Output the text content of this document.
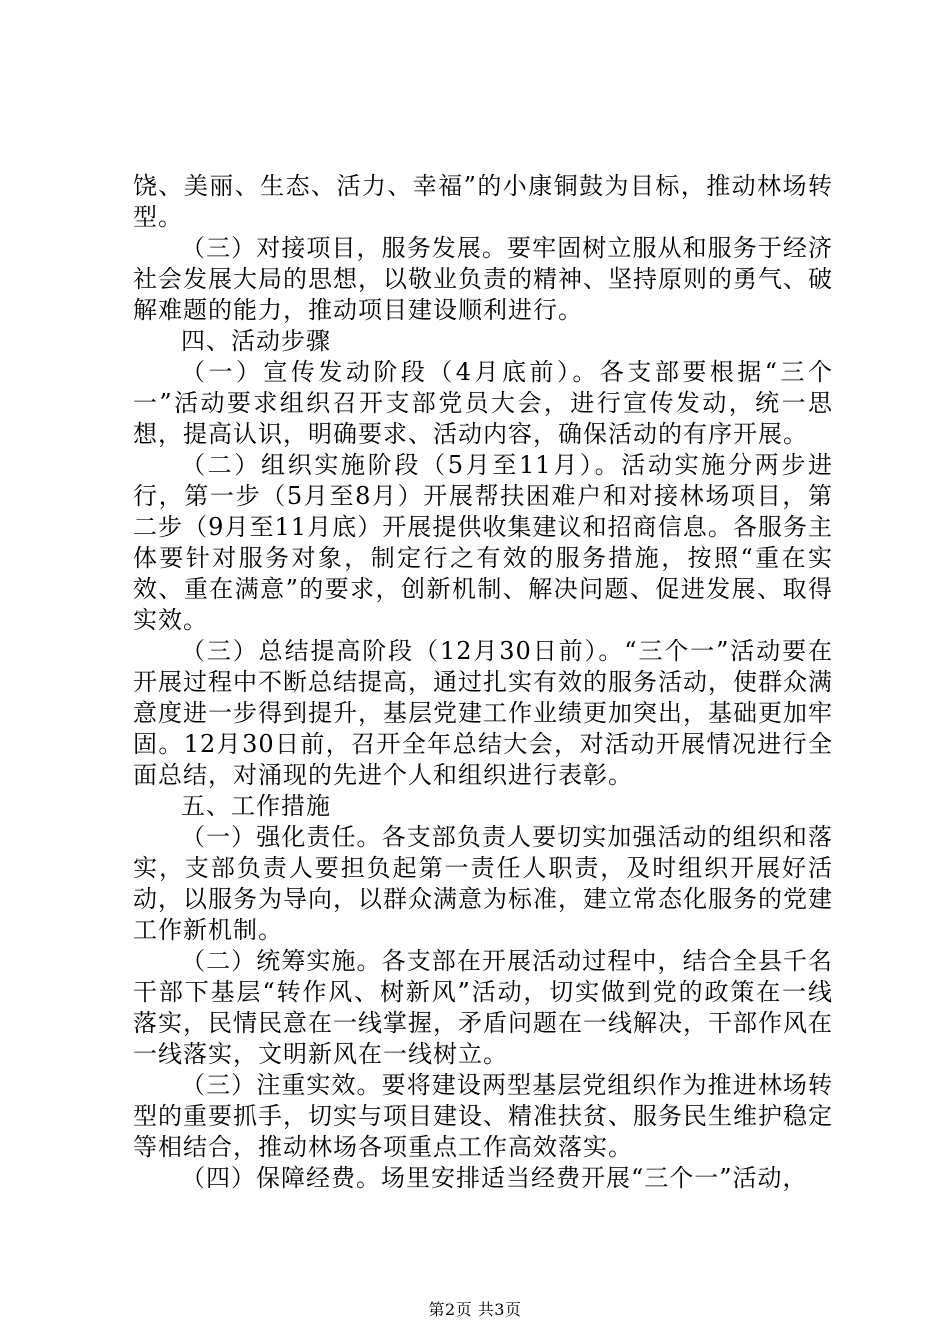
饶、美丽、生态、活力、幸福”的小康铜鼓为目标，推动林场转型。

（三）对接项目，服务发展。要牢固树立服从和服务于经济社会发展大局的思想，以敬业负责的精神、坚持原则的勇气、破解难题的能力，推动项目建设顺利进行。

四、活动步骤

（一）宣传发动阶段（4月底前）。各支部要根据“三个一”活动要求组织召开支部党员大会，进行宣传发动，统一思想，提高认识，明确要求、活动内容，确保活动的有序开展。

（二）组织实施阶段（5月至11月）。活动实施分两步进行，第一步（5月至8月）开展帮扶困难户和对接林场项目，第二步（9月至11月底）开展提供收集建议和招商信息。各服务主体要针对服务对象，制定行之有效的服务措施，按照“重在实效、重在满意”的要求，创新机制、解决问题、促进发展、取得实效。

（三）总结提高阶段（12月30日前）。“三个一”活动要在开展过程中不断总结提高，通过扎实有效的服务活动，使群众满意度进一步得到提升，基层党建工作业绩更加突出，基础更加牢固。12月30日前，召开全年总结大会，对活动开展情况进行全面总结，对涌现的先进个人和组织进行表彰。

五、工作措施

（一）强化责任。各支部负责人要切实加强活动的组织和落实，支部负责人要担负起第一责任人职责，及时组织开展好活动，以服务为导向，以群众满意为标准，建立常态化服务的党建工作新机制。

（二）统筹实施。各支部在开展活动过程中，结合全县千名干部下基层“转作风、树新风”活动，切实做到党的政策在一线落实，民情民意在一线掌握，矛盾问题在一线解决，干部作风在一线落实，文明新风在一线树立。

（三）注重实效。要将建设两型基层党组织作为推进林场转型的重要抓手，切实与项目建设、精准扶贫、服务民生维护稳定等相结合，推动林场各项重点工作高效落实。

（四）保障经费。场里安排适当经费开展“三个一”活动，

第2页 共3页
